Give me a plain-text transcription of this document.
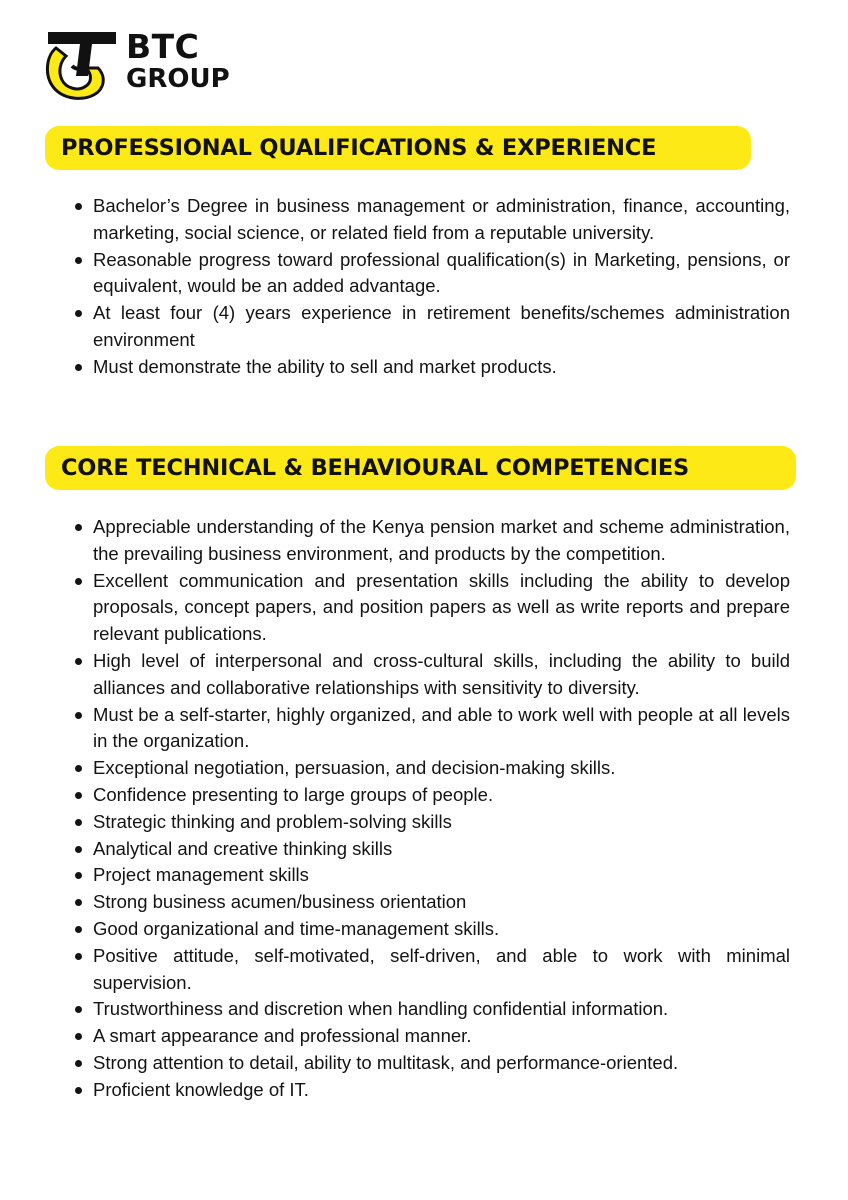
BTC
GROUP
PROFESSIONAL QUALIFICATIONS & EXPERIENCE
Bachelor’s Degree in business management or administration, finance, accounting, marketing, social science, or related field from a reputable university.
Reasonable progress toward professional qualification(s) in Marketing, pensions, or equivalent, would be an added advantage.
At least four (4) years experience in retirement benefits/schemes administration environment
Must demonstrate the ability to sell and market products.
CORE TECHNICAL & BEHAVIOURAL COMPETENCIES
Appreciable understanding of the Kenya pension market and scheme administration, the prevailing business environment, and products by the competition.
Excellent communication and presentation skills including the ability to develop proposals, concept papers, and position papers as well as write reports and prepare relevant publications.
High level of interpersonal and cross-cultural skills, including the ability to build alliances and collaborative relationships with sensitivity to diversity.
Must be a self-starter, highly organized, and able to work well with people at all levels in the organization.
Exceptional negotiation, persuasion, and decision-making skills.
Confidence presenting to large groups of people.
Strategic thinking and problem-solving skills
Analytical and creative thinking skills
Project management skills
Strong business acumen/business orientation
Good organizational and time-management skills.
Positive attitude, self-motivated, self-driven, and able to work with minimal supervision.
Trustworthiness and discretion when handling confidential information.
A smart appearance and professional manner.
Strong attention to detail, ability to multitask, and performance-oriented.
Proficient knowledge of IT.
